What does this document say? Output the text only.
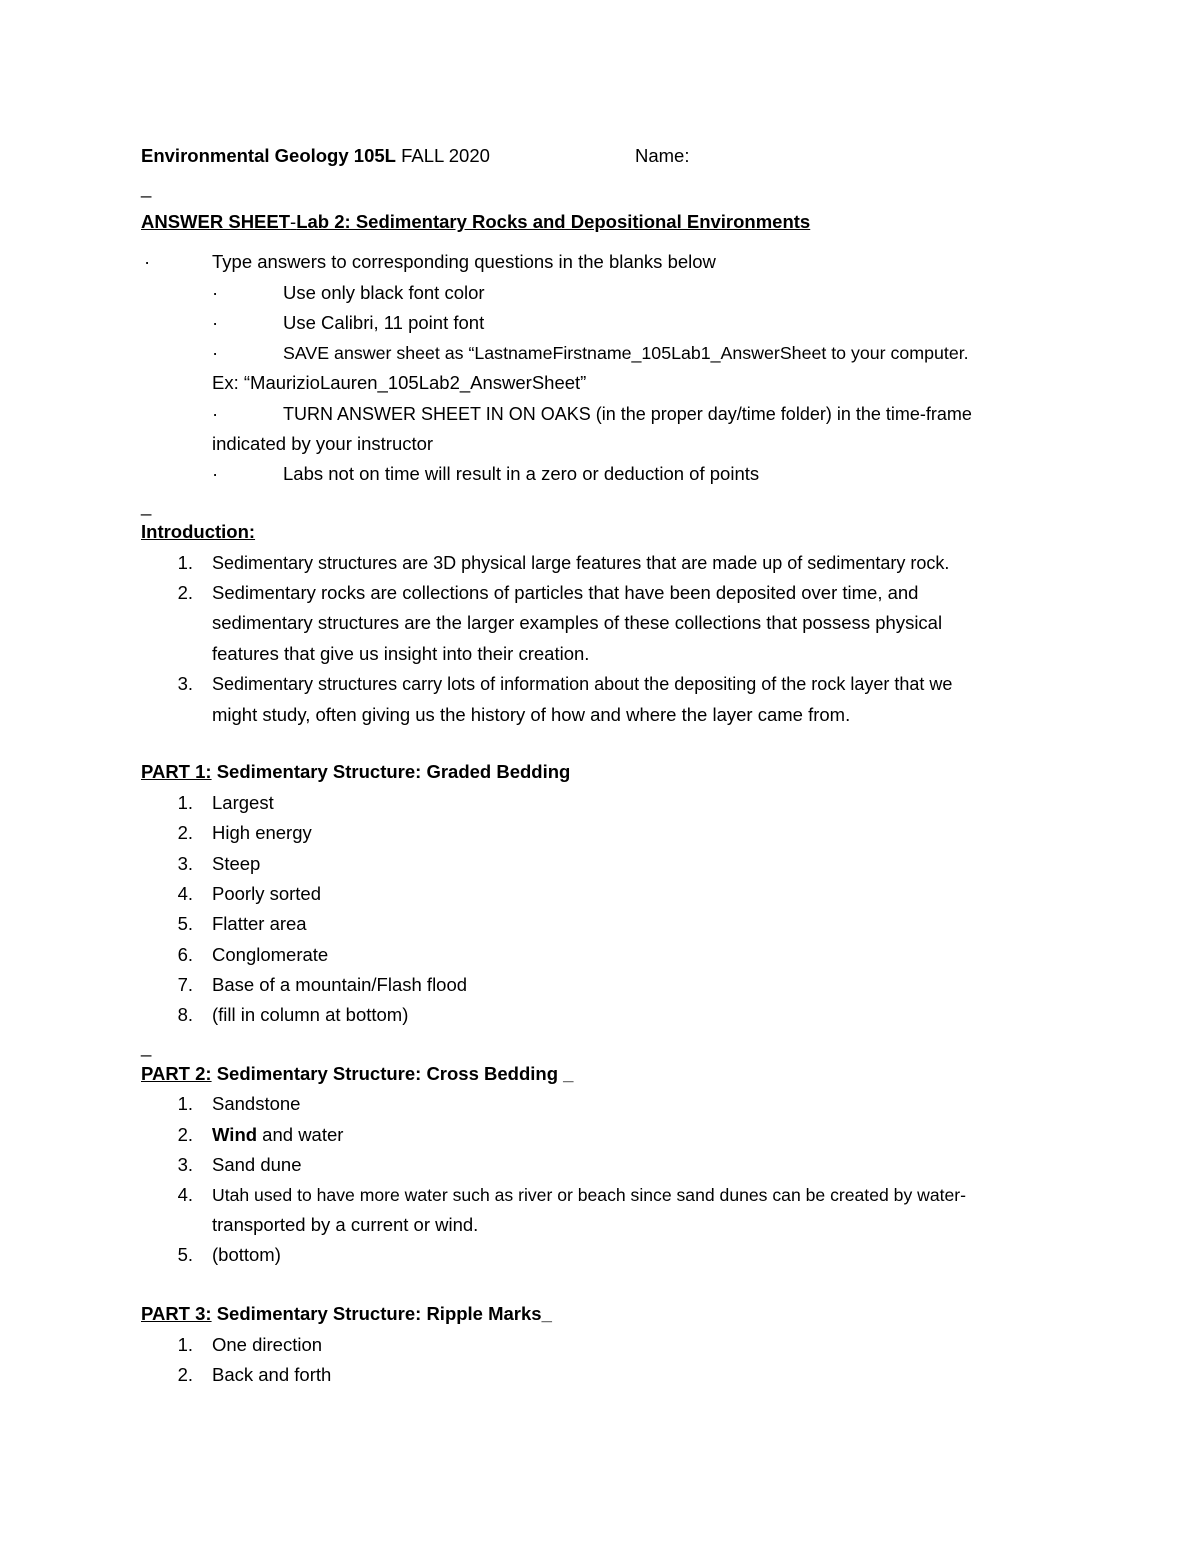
Environmental Geology 105L FALL 2020	Name:
_
ANSWER SHEET-Lab 2: Sedimentary Rocks and Depositional Environments
·	Type answers to corresponding questions in the blanks below
·	Use only black font color
·	Use Calibri, 11 point font
·	SAVE answer sheet as “LastnameFirstname_105Lab1_AnswerSheet to your computer.
Ex: “MaurizioLauren_105Lab2_AnswerSheet”
·	TURN ANSWER SHEET IN ON OAKS (in the proper day/time folder) in the time-frame
indicated by your instructor
·	Labs not on time will result in a zero or deduction of points
_
Introduction:
1. Sedimentary structures are 3D physical large features that are made up of sedimentary rock.
2. Sedimentary rocks are collections of particles that have been deposited over time, and
sedimentary structures are the larger examples of these collections that possess physical
features that give us insight into their creation.
3. Sedimentary structures carry lots of information about the depositing of the rock layer that we
might study, often giving us the history of how and where the layer came from.
PART 1: Sedimentary Structure: Graded Bedding
1. Largest
2. High energy
3. Steep
4. Poorly sorted
5. Flatter area
6. Conglomerate
7. Base of a mountain/Flash flood
8. (fill in column at bottom)
_
PART 2: Sedimentary Structure: Cross Bedding _
1. Sandstone
2. Wind and water
3. Sand dune
4. Utah used to have more water such as river or beach since sand dunes can be created by water-
transported by a current or wind.
5. (bottom)
PART 3: Sedimentary Structure: Ripple Marks_
1. One direction
2. Back and forth
